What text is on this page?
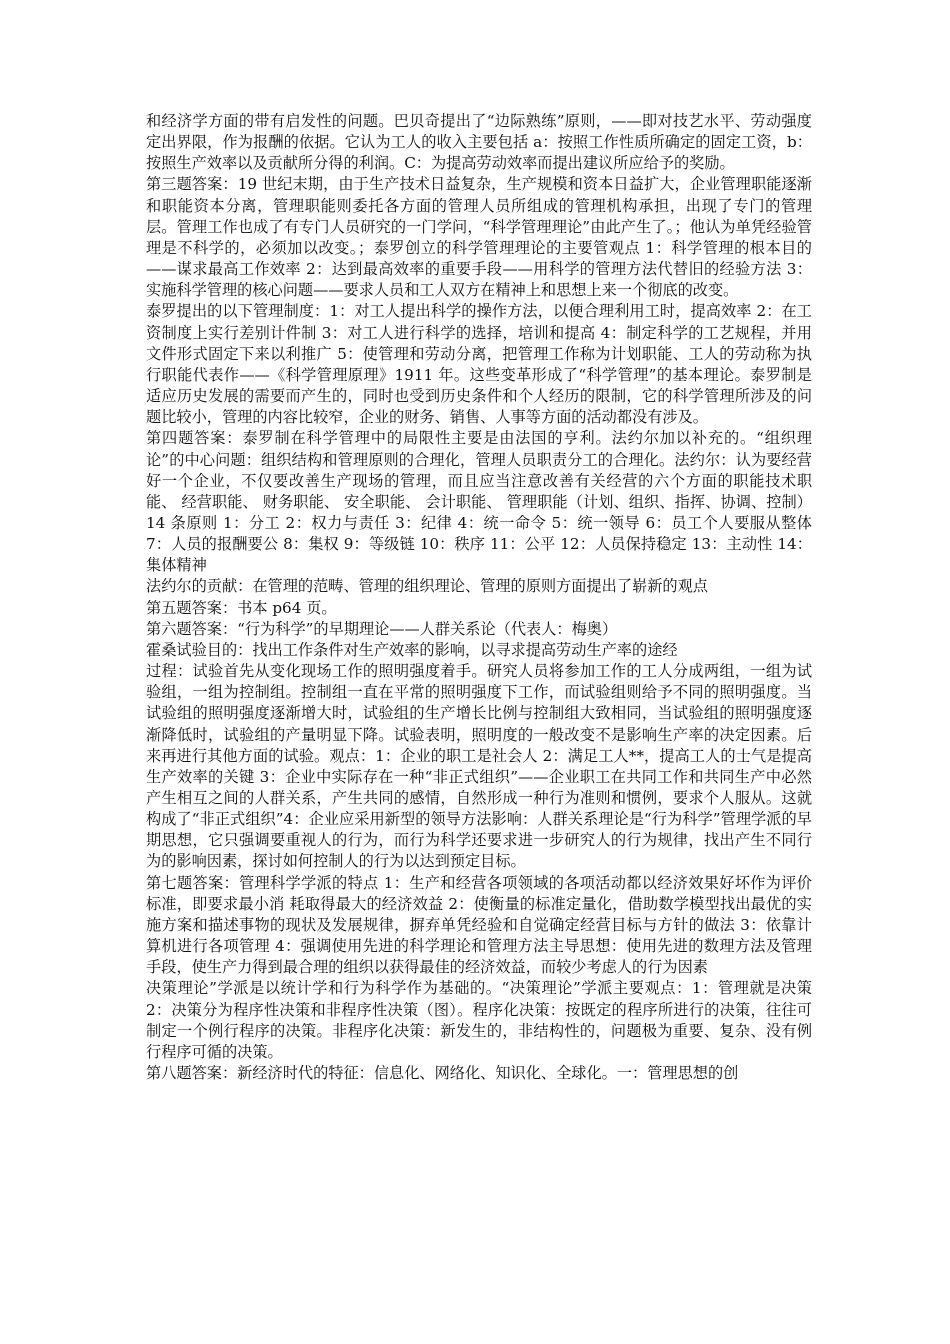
和经济学方面的带有启发性的问题。巴贝奇提出了“边际熟练”原则，——即对技艺水平、劳动强度定出界限，作为报酬的依据。它认为工人的收入主要包括 a：按照工作性质所确定的固定工资，b：按照生产效率以及贡献所分得的利润。C：为提高劳动效率而提出建议所应给予的奖励。

第三题答案：19 世纪末期，由于生产技术日益复杂，生产规模和资本日益扩大，企业管理职能逐渐和职能资本分离，管理职能则委托各方面的管理人员所组成的管理机构承担，出现了专门的管理层。管理工作也成了有专门人员研究的一门学问，“科学管理理论”由此产生了。；他认为单凭经验管理是不科学的，必须加以改变。；泰罗创立的科学管理理论的主要管观点 1：科学管理的根本目的——谋求最高工作效率 2：达到最高效率的重要手段——用科学的管理方法代替旧的经验方法 3：实施科学管理的核心问题——要求人员和工人双方在精神上和思想上来一个彻底的改变。

泰罗提出的以下管理制度：1：对工人提出科学的操作方法，以便合理利用工时，提高效率 2：在工资制度上实行差别计件制 3：对工人进行科学的选择，培训和提高 4：制定科学的工艺规程，并用文件形式固定下来以利推广 5：使管理和劳动分离，把管理工作称为计划职能、工人的劳动称为执行职能代表作——《科学管理原理》1911 年。这些变革形成了“科学管理”的基本理论。泰罗制是适应历史发展的需要而产生的，同时也受到历史条件和个人经历的限制，它的科学管理所涉及的问题比较小，管理的内容比较窄，企业的财务、销售、人事等方面的活动都没有涉及。

第四题答案：泰罗制在科学管理中的局限性主要是由法国的亨利。法约尔加以补充的。“组织理论”的中心问题：组织结构和管理原则的合理化，管理人员职责分工的合理化。法约尔：认为要经营好一个企业，不仅要改善生产现场的管理，而且应当注意改善有关经营的六个方面的职能技术职能、 经营职能、 财务职能、 安全职能、 会计职能、 管理职能（计划、组织、指挥、协调、控制）14 条原则 1：分工 2：权力与责任 3：纪律 4：统一命令 5：统一领导 6：员工个人要服从整体 7：人员的报酬要公 8：集权 9：等级链 10：秩序 11：公平 12：人员保持稳定 13：主动性 14：集体精神

法约尔的贡献：在管理的范畴、管理的组织理论、管理的原则方面提出了崭新的观点

第五题答案：书本 p64 页。

第六题答案：“行为科学”的早期理论——人群关系论（代表人：梅奥）

霍桑试验目的：找出工作条件对生产效率的影响，以寻求提高劳动生产率的途经

过程：试验首先从变化现场工作的照明强度着手。研究人员将参加工作的工人分成两组，一组为试验组，一组为控制组。控制组一直在平常的照明强度下工作，而试验组则给予不同的照明强度。当试验组的照明强度逐渐增大时，试验组的生产增长比例与控制组大致相同，当试验组的照明强度逐渐降低时，试验组的产量明显下降。试验表明，照明度的一般改变不是影响生产率的决定因素。后来再进行其他方面的试验。观点：1：企业的职工是社会人 2：满足工人**，提高工人的士气是提高生产效率的关键 3：企业中实际存在一种“非正式组织”——企业职工在共同工作和共同生产中必然产生相互之间的人群关系，产生共同的感情，自然形成一种行为准则和惯例，要求个人服从。这就构成了“非正式组织”4：企业应采用新型的领导方法影响：人群关系理论是“行为科学”管理学派的早期思想，它只强调要重视人的行为，而行为科学还要求进一步研究人的行为规律，找出产生不同行为的影响因素，探讨如何控制人的行为以达到预定目标。

第七题答案：管理科学学派的特点 1：生产和经营各项领域的各项活动都以经济效果好坏作为评价标准，即要求最小消 耗取得最大的经济效益 2：使衡量的标准定量化，借助数学模型找出最优的实施方案和描述事物的现状及发展规律，摒弃单凭经验和自觉确定经营目标与方针的做法 3：依靠计算机进行各项管理 4：强调使用先进的科学理论和管理方法主导思想：使用先进的数理方法及管理手段，使生产力得到最合理的组织以获得最佳的经济效益，而较少考虑人的行为因素

决策理论”学派是以统计学和行为科学作为基础的。“决策理论”学派主要观点：1：管理就是决策 2：决策分为程序性决策和非程序性决策（图）。程序化决策：按既定的程序所进行的决策，往往可制定一个例行程序的决策。非程序化决策：新发生的，非结构性的，问题极为重要、复杂、没有例行程序可循的决策。

第八题答案：新经济时代的特征：信息化、网络化、知识化、全球化。一：管理思想的创
